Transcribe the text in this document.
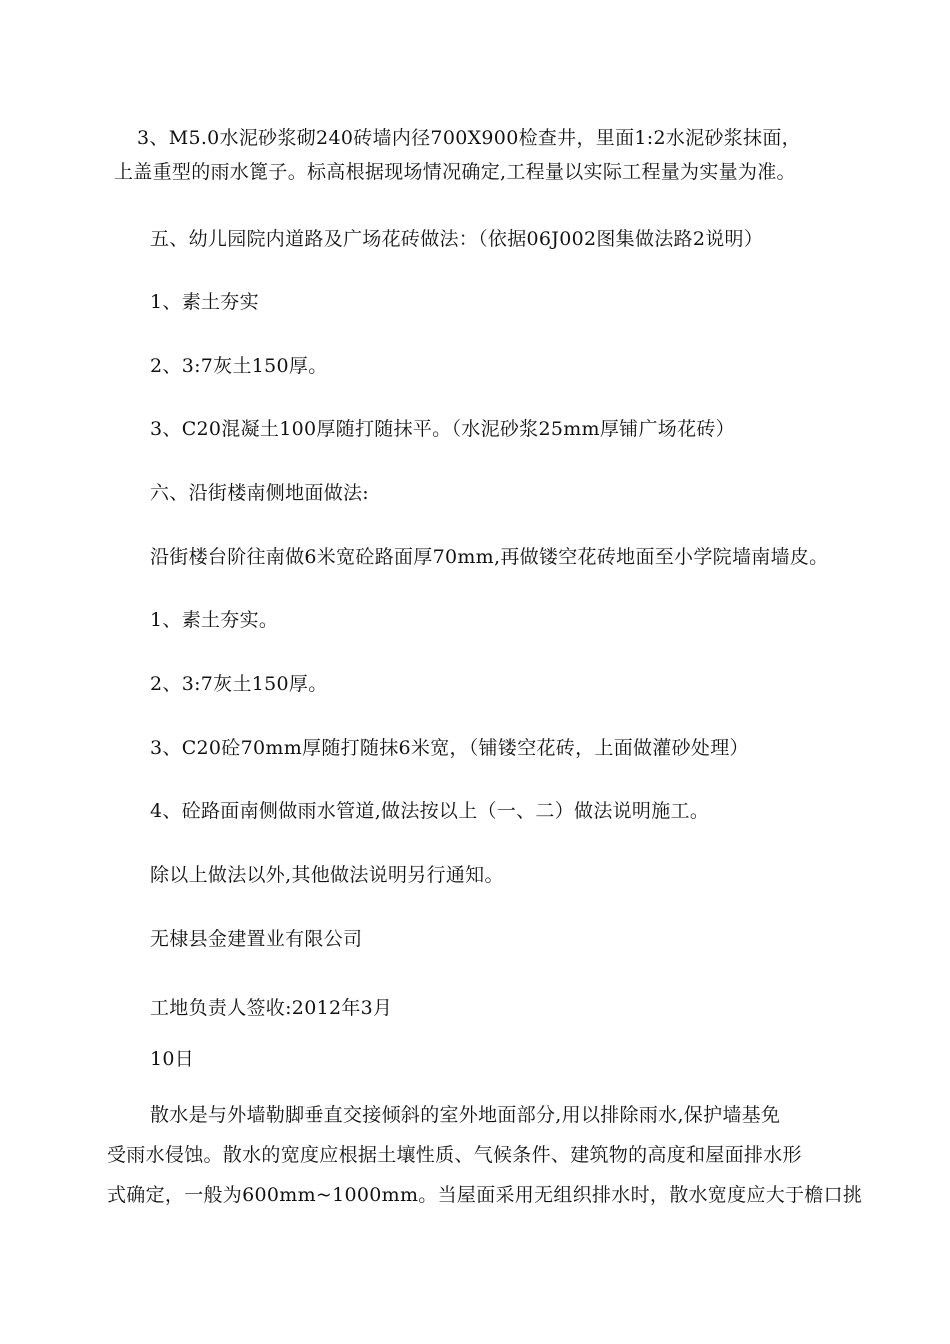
3、M5.0水泥砂浆砌240砖墙内径700X900检查井，里面1:2水泥砂浆抹面，
上盖重型的雨水篦子。标高根据现场情况确定,工程量以实际工程量为实量为准。
五、幼儿园院内道路及广场花砖做法：（依据06J002图集做法路2说明）
1、素土夯实
2、3:7灰土150厚。
3、C20混凝土100厚随打随抹平。（水泥砂浆25mm厚铺广场花砖）
六、沿街楼南侧地面做法:
沿街楼台阶往南做6米宽砼路面厚70mm,再做镂空花砖地面至小学院墙南墙皮。
1、素土夯实。
2、3:7灰土150厚。
3、C20砼70mm厚随打随抹6米宽，（铺镂空花砖，上面做灌砂处理）
4、砼路面南侧做雨水管道,做法按以上（一、二）做法说明施工。
除以上做法以外,其他做法说明另行通知。
无棣县金建置业有限公司
工地负责人签收:2012年3月
10日
散水是与外墙勒脚垂直交接倾斜的室外地面部分,用以排除雨水,保护墙基免
受雨水侵蚀。散水的宽度应根据土壤性质、气候条件、建筑物的高度和屋面排水形
式确定，一般为600mm~1000mm。当屋面采用无组织排水时，散水宽度应大于檐口挑
